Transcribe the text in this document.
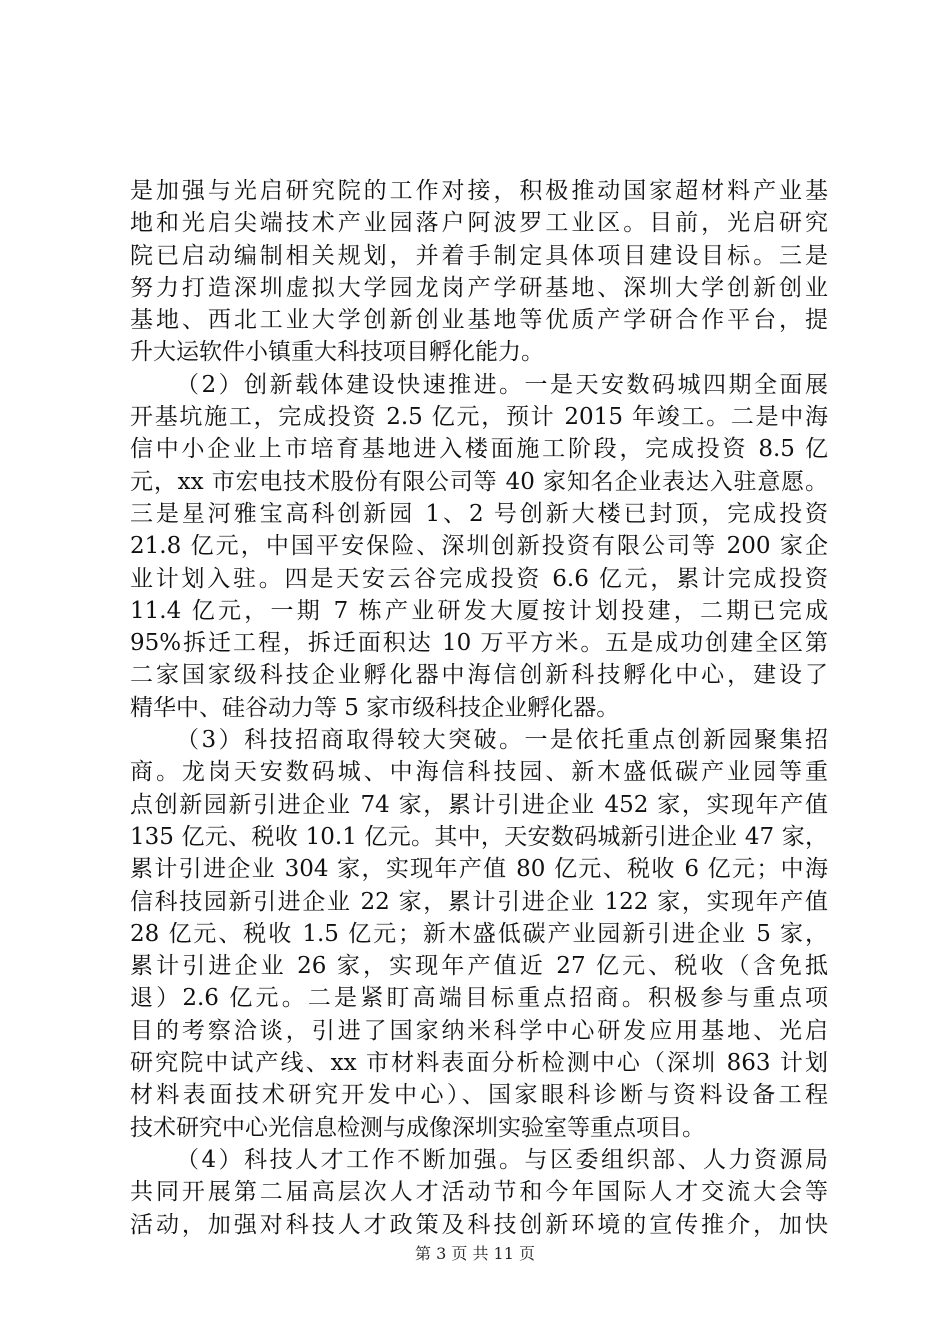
是加强与光启研究院的工作对接，积极推动国家超材料产业基
地和光启尖端技术产业园落户阿波罗工业区。目前，光启研究
院已启动编制相关规划，并着手制定具体项目建设目标。三是
努力打造深圳虚拟大学园龙岗产学研基地、深圳大学创新创业
基地、西北工业大学创新创业基地等优质产学研合作平台，提
升大运软件小镇重大科技项目孵化能力。
（2）创新载体建设快速推进。一是天安数码城四期全面展
开基坑施工，完成投资 2.5 亿元，预计 2015 年竣工。二是中海
信中小企业上市培育基地进入楼面施工阶段，完成投资 8.5 亿
元，xx 市宏电技术股份有限公司等 40 家知名企业表达入驻意愿。
三是星河雅宝高科创新园 1、2 号创新大楼已封顶，完成投资
21.8 亿元，中国平安保险、深圳创新投资有限公司等 200 家企
业计划入驻。四是天安云谷完成投资 6.6 亿元，累计完成投资
11.4 亿元，一期 7 栋产业研发大厦按计划投建，二期已完成
95%拆迁工程，拆迁面积达 10 万平方米。五是成功创建全区第
二家国家级科技企业孵化器中海信创新科技孵化中心，建设了
精华中、硅谷动力等 5 家市级科技企业孵化器。
（3）科技招商取得较大突破。一是依托重点创新园聚集招
商。龙岗天安数码城、中海信科技园、新木盛低碳产业园等重
点创新园新引进企业 74 家，累计引进企业 452 家，实现年产值
135 亿元、税收 10.1 亿元。其中，天安数码城新引进企业 47 家，
累计引进企业 304 家，实现年产值 80 亿元、税收 6 亿元；中海
信科技园新引进企业 22 家，累计引进企业 122 家，实现年产值
28 亿元、税收 1.5 亿元；新木盛低碳产业园新引进企业 5 家，
累计引进企业 26 家，实现年产值近 27 亿元、税收（含免抵
退）2.6 亿元。二是紧盯高端目标重点招商。积极参与重点项
目的考察洽谈，引进了国家纳米科学中心研发应用基地、光启
研究院中试产线、xx 市材料表面分析检测中心（深圳 863 计划
材料表面技术研究开发中心）、国家眼科诊断与资料设备工程
技术研究中心光信息检测与成像深圳实验室等重点项目。
（4）科技人才工作不断加强。与区委组织部、人力资源局
共同开展第二届高层次人才活动节和今年国际人才交流大会等
活动，加强对科技人才政策及科技创新环境的宣传推介，加快
第 3 页 共 11 页
